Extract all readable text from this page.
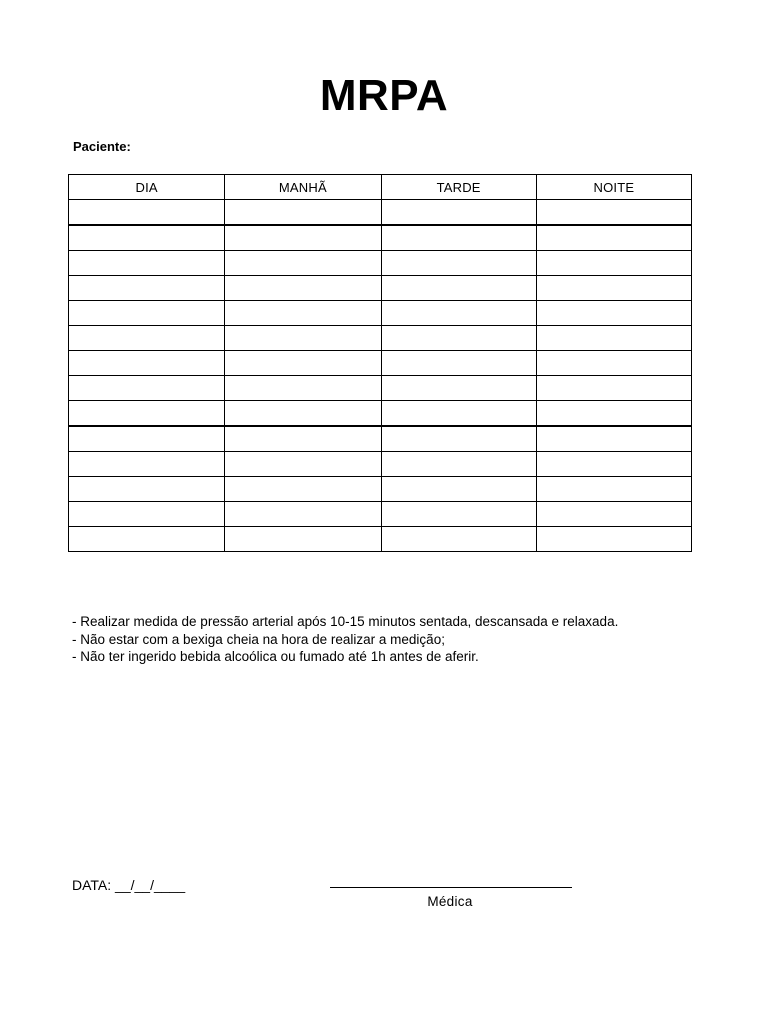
MRPA
Paciente:
DIA	MANHÃ	TARDE	NOITE

- Realizar medida de pressão arterial após 10-15 minutos sentada, descansada e relaxada.

- Não estar com a bexiga cheia na hora de realizar a medição;

- Não ter ingerido bebida alcoólica ou fumado até 1h antes de aferir.

DATA: __/__/____
Médica
